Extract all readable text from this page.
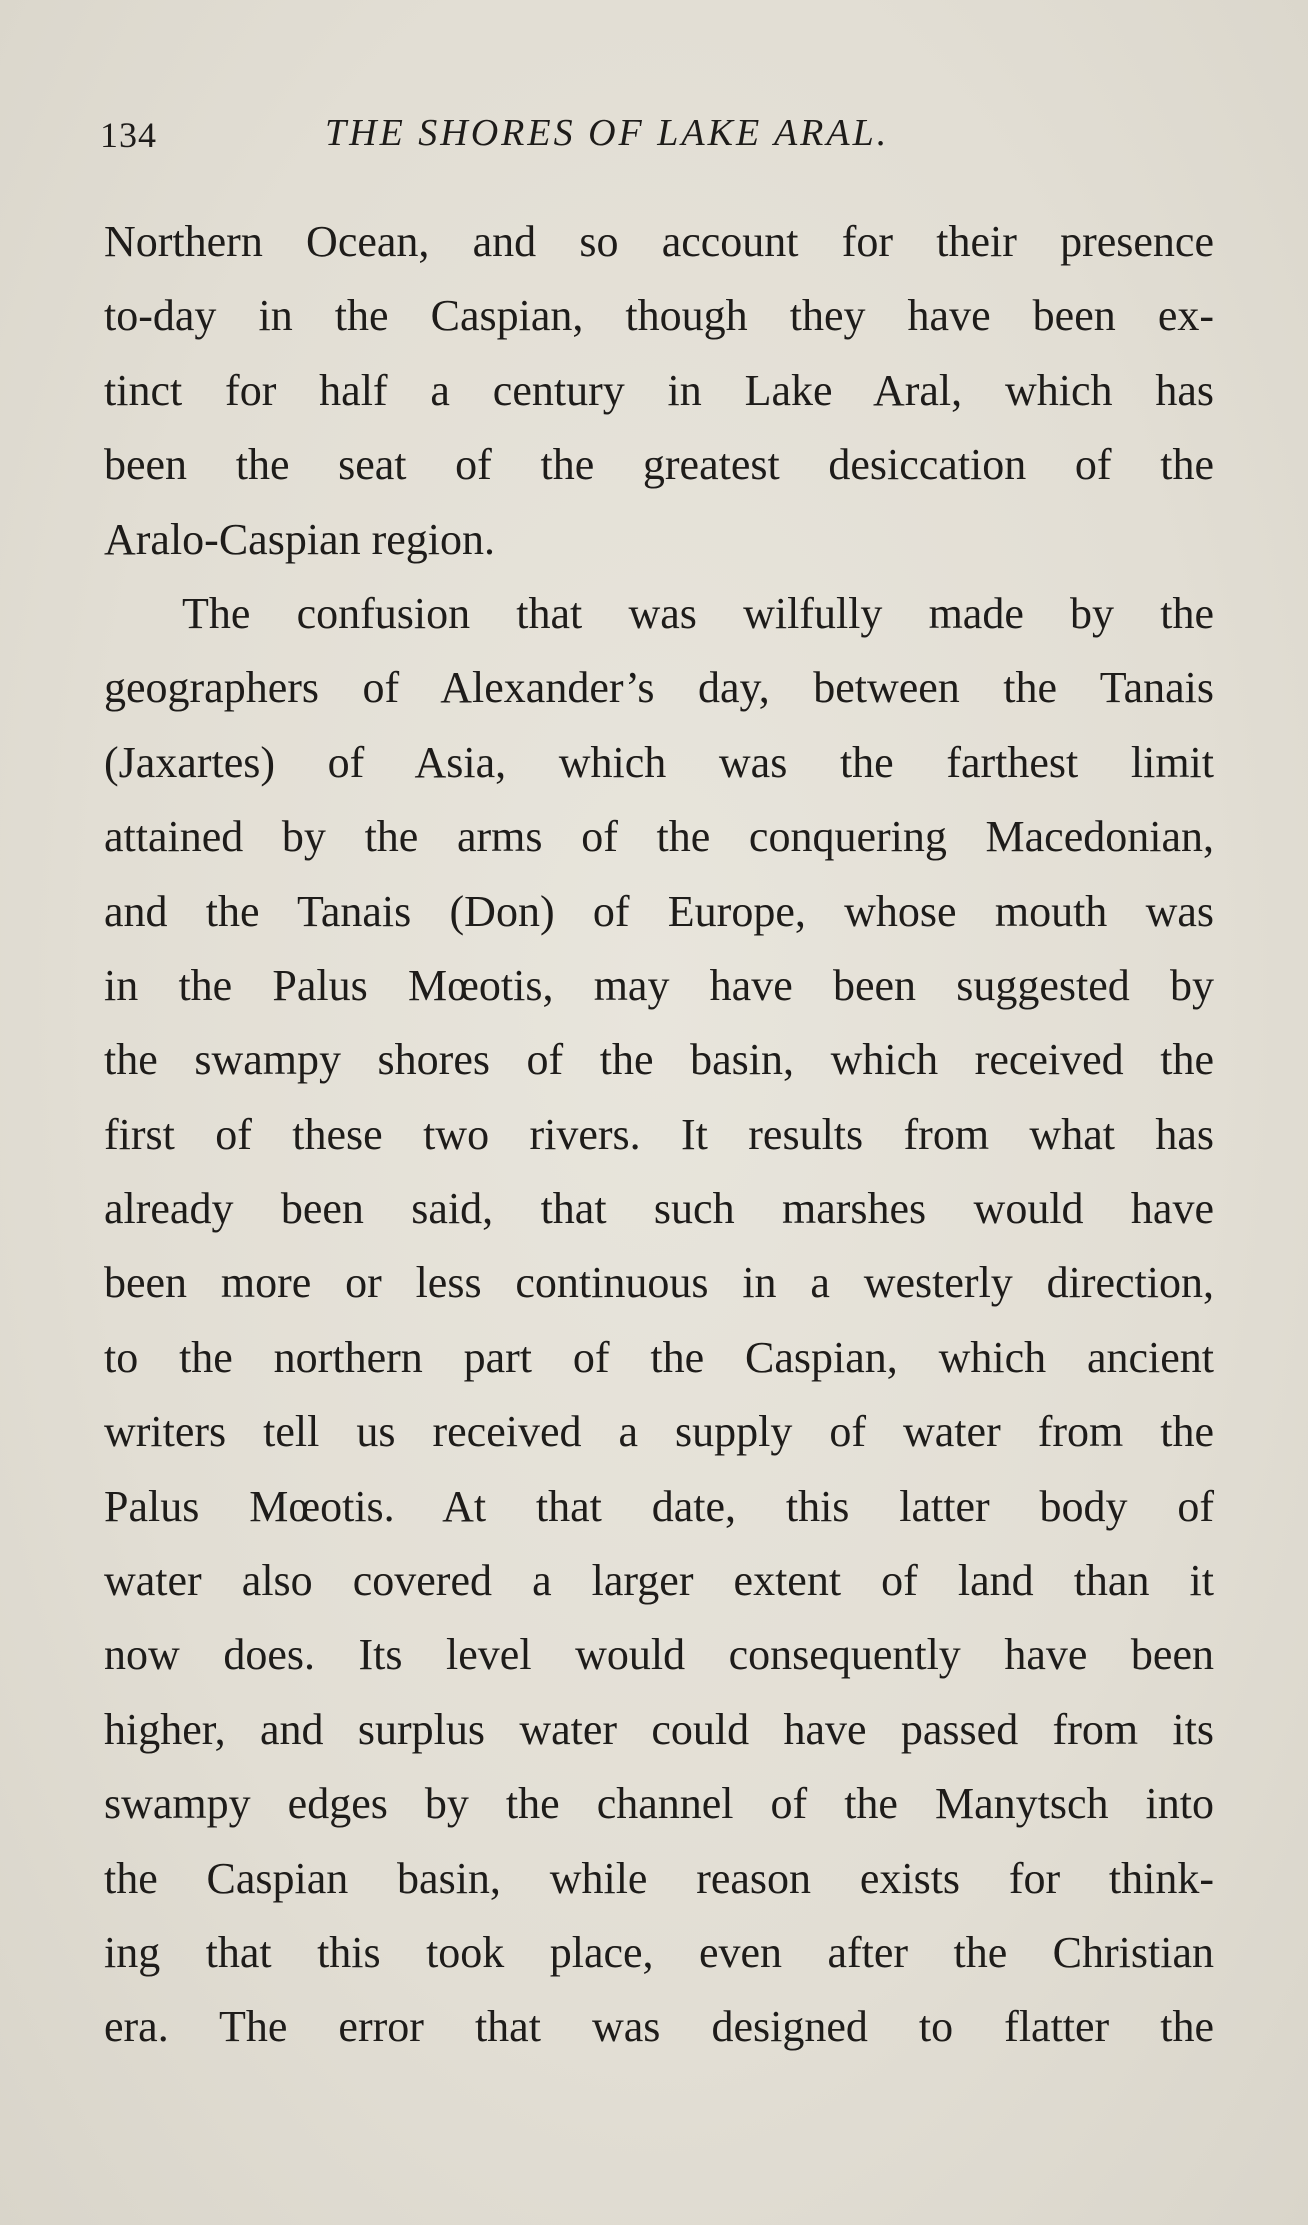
134	THE SHORES OF LAKE ARAL.
Northern Ocean, and so account for their presence
to-day in the Caspian, though they have been ex-
tinct for half a century in Lake Aral, which has
been the seat of the greatest desiccation of the
Aralo-Caspian region.
The confusion that was wilfully made by the
geographers of Alexander’s day, between the Tanais
(Jaxartes) of Asia, which was the farthest limit
attained by the arms of the conquering Macedonian,
and the Tanais (Don) of Europe, whose mouth was
in the Palus Mœotis, may have been suggested by
the swampy shores of the basin, which received the
first of these two rivers. It results from what has
already been said, that such marshes would have
been more or less continuous in a westerly direction,
to the northern part of the Caspian, which ancient
writers tell us received a supply of water from the
Palus Mœotis. At that date, this latter body of
water also covered a larger extent of land than it
now does. Its level would consequently have been
higher, and surplus water could have passed from its
swampy edges by the channel of the Manytsch into
the Caspian basin, while reason exists for think-
ing that this took place, even after the Christian
era. The error that was designed to flatter the
